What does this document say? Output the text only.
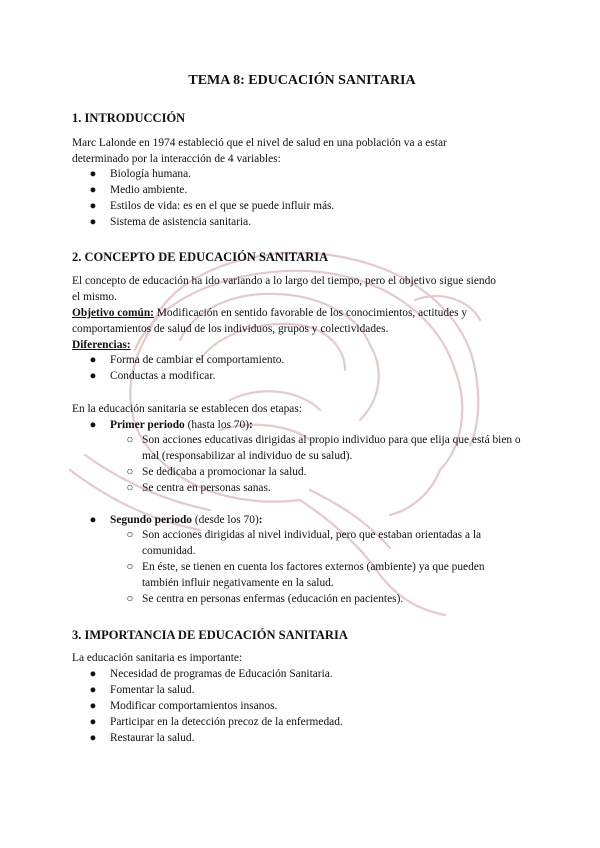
TEMA 8: EDUCACIÓN SANITARIA
1. INTRODUCCIÓN

Marc Lalonde en 1974 estableció que el nivel de salud en una población va a estar

determinado por la interacción de 4 variables:

● Biología humana.
● Medio ambiente.
● Estilos de vida: es en el que se puede influir más.
● Sistema de asistencia sanitaria.
2. CONCEPTO DE EDUCACIÓN SANITARIA

El concepto de educación ha ido variando a lo largo del tiempo, pero el objetivo sigue siendo

el mismo.

Objetivo común: Modificación en sentido favorable de los conocimientos, actitudes y

comportamientos de salud de los individuos, grupos y colectividades.

Diferencias:

● Forma de cambiar el comportamiento.
● Conductas a modificar.

En la educación sanitaria se establecen dos etapas:

● Primer periodo (hasta los 70):
○ Son acciones educativas dirigidas al propio individuo para que elija que está bien o mal (responsabilizar al individuo de su salud).
○ Se dedicaba a promocionar la salud.
○ Se centra en personas sanas.
● Segundo periodo (desde los 70):
○ Son acciones dirigidas al nivel individual, pero que estaban orientadas a la comunidad.
○ En éste, se tienen en cuenta los factores externos (ambiente) ya que pueden también influir negativamente en la salud.
○ Se centra en personas enfermas (educación en pacientes).
3. IMPORTANCIA DE EDUCACIÓN SANITARIA

La educación sanitaria es importante:

● Necesidad de programas de Educación Sanitaria.
● Fomentar la salud.
● Modificar comportamientos insanos.
● Participar en la detección precoz de la enfermedad.
● Restaurar la salud.
